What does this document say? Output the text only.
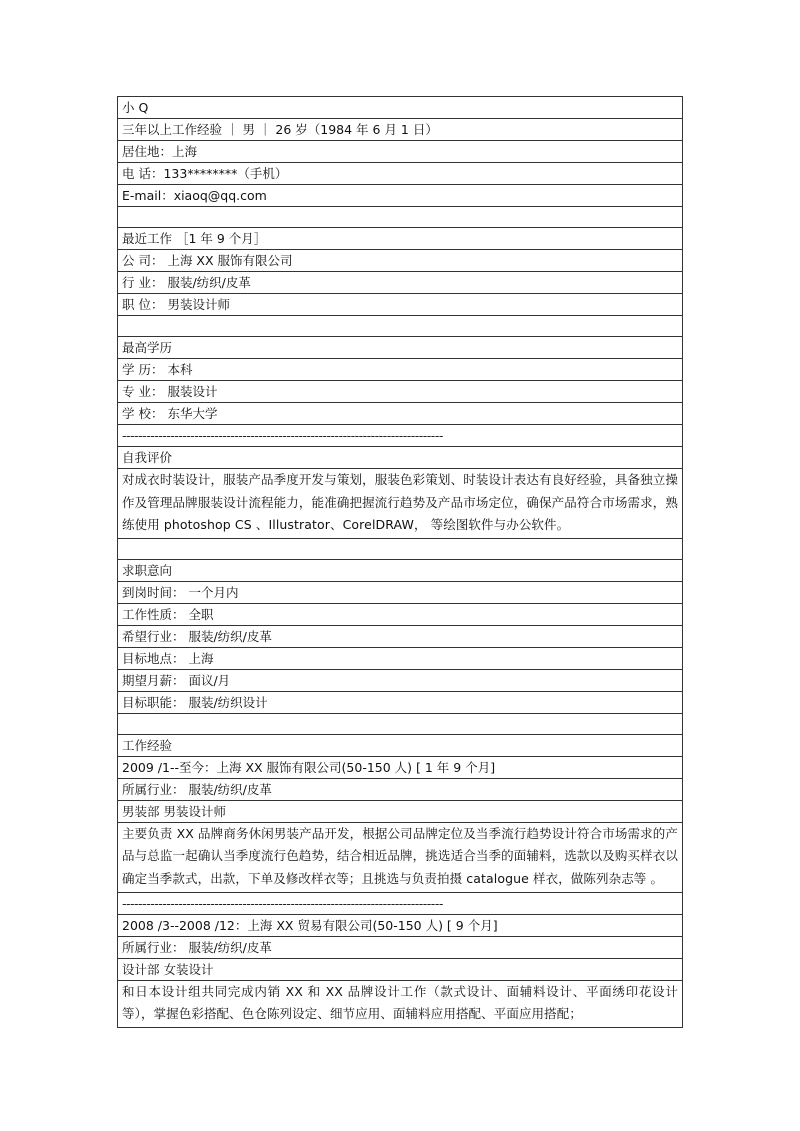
小 Q
三年以上工作经验 ｜ 男 ｜ 26 岁（1984 年 6 月 1 日）
居住地：上海
电 话：133********（手机）
E-mail：xiaoq@qq.com

最近工作 ［1 年 9 个月］
公 司： 上海 XX 服饰有限公司
行 业： 服装/纺织/皮革
职 位： 男装设计师

最高学历
学 历： 本科
专 业： 服装设计
学 校： 东华大学
--------------------------------------------------------------------------------
自我评价
对成衣时装设计，服装产品季度开发与策划，服装色彩策划、时装设计表达有良好经验，具备独立操作及管理品牌服装设计流程能力，能准确把握流行趋势及产品市场定位，确保产品符合市场需求，熟练使用 photoshop CS 、Illustrator、CorelDRAW， 等绘图软件与办公软件。

求职意向
到岗时间： 一个月内
工作性质： 全职
希望行业： 服装/纺织/皮革
目标地点： 上海
期望月薪： 面议/月
目标职能： 服装/纺织设计

工作经验
2009 /1--至今：上海 XX 服饰有限公司(50-150 人) [ 1 年 9 个月]
所属行业： 服装/纺织/皮革
男装部 男装设计师
主要负责 XX 品牌商务休闲男装产品开发，根据公司品牌定位及当季流行趋势设计符合市场需求的产品与总监一起确认当季度流行色趋势，结合相近品牌，挑选适合当季的面辅料，选款以及购买样衣以确定当季款式，出款，下单及修改样衣等；且挑选与负责拍摄 catalogue 样衣，做陈列杂志等 。
--------------------------------------------------------------------------------
2008 /3--2008 /12：上海 XX 贸易有限公司(50-150 人) [ 9 个月]
所属行业： 服装/纺织/皮革
设计部 女装设计
和日本设计组共同完成内销 XX 和 XX 品牌设计工作（款式设计、面辅料设计、平面绣印花设计等），掌握色彩搭配、色仓陈列设定、细节应用、面辅料应用搭配、平面应用搭配；
